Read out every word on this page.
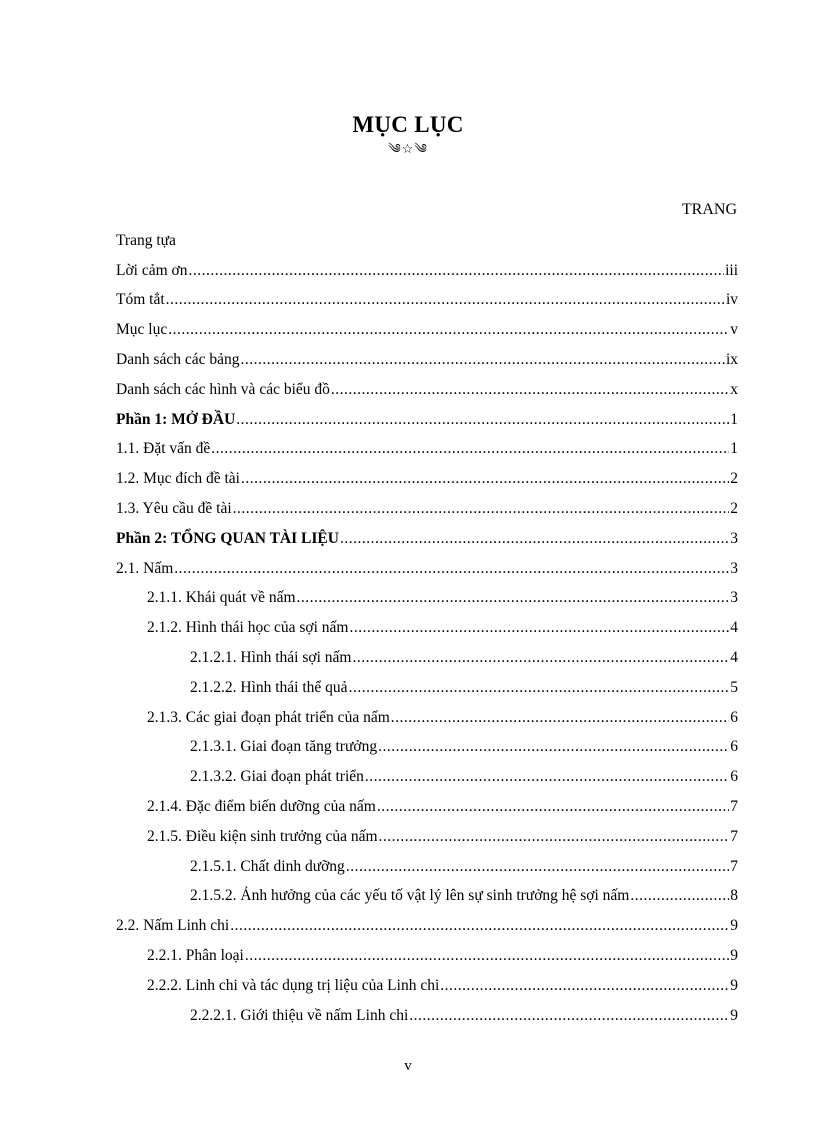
MỤC LỤC
༄☆༄
TRANG
Trang tựa
Lời cảm ơn .....	iii
Tóm tắt .....	iv
Mục lục .....	v
Danh sách các bảng .....	ix
Danh sách các hình và các biểu đồ .....	x
Phần 1: MỞ ĐẦU .....	1
1.1. Đặt vấn đề .....	1
1.2. Mục đích đề tài .....	2
1.3. Yêu cầu đề tài .....	2
Phần 2: TỔNG QUAN TÀI LIỆU .....	3
2.1. Nấm .....	3
2.1.1. Khái quát về nấm .....	3
2.1.2. Hình thái học của sợi nấm .....	4
2.1.2.1. Hình thái sợi nấm .....	4
2.1.2.2. Hình thái thể quả .....	5
2.1.3. Các giai đoạn phát triển của nấm .....	6
2.1.3.1. Giai đoạn tăng trưởng .....	6
2.1.3.2. Giai đoạn phát triển .....	6
2.1.4. Đặc điểm biến dưỡng của nấm .....	7
2.1.5. Điều kiện sinh trưởng của nấm .....	7
2.1.5.1. Chất dinh dưỡng .....	7
2.1.5.2. Ảnh hưởng của các yếu tố vật lý lên sự sinh trưởng hệ sợi nấm .....	8
2.2. Nấm Linh chi .....	9
2.2.1. Phân loại .....	9
2.2.2. Linh chi và tác dụng trị liệu của Linh chi .....	9
2.2.2.1. Giới thiệu về nấm Linh chi .....	9
v
